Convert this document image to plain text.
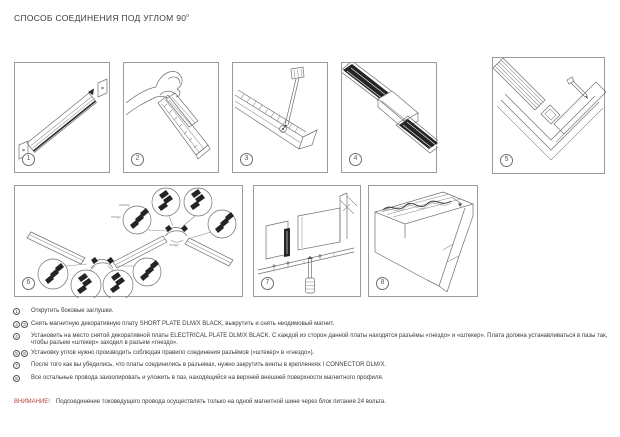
СПОСОБ СОЕДИНЕНИЯ ПОД УГЛОМ $90^0$
1	2	3	4	5
штекер
гнездо
гнездо
6	7	8
1	Открутить боковые заглушки.
2	3 Снять магнитную декоративную плату SHORT PLATE DLM/X BLACK, выкрутить и снять неодимовый магнит.
4	Установить на место снятой декоративной платы ELECTRICAL PLATE DLM/X BLACK. С каждой из сторон данной платы находятся разъёмы «гнездо» и «штекер». Плата должна устанавливаться в пазы так, чтобы разъем «штекер» заходил в разъем «гнездо».
5	6 Установку углов нужно производить соблюдая правило соединения разъёмов («штекер» в «гнездо»).
7	После того как вы убедились, что платы соединились в разъемах, нужно закрутить винты в креплениях I CONNECTOR DLM/X.
8	Все остальные провода заизолировать и уложить в паз, находящийся на верхней внешней поверхности магнитного профиля.
ВНИМАНИЕ! Подсоединение токоведущего провода осуществлять только на одной магнитной шине через блок питания 24 вольта.
